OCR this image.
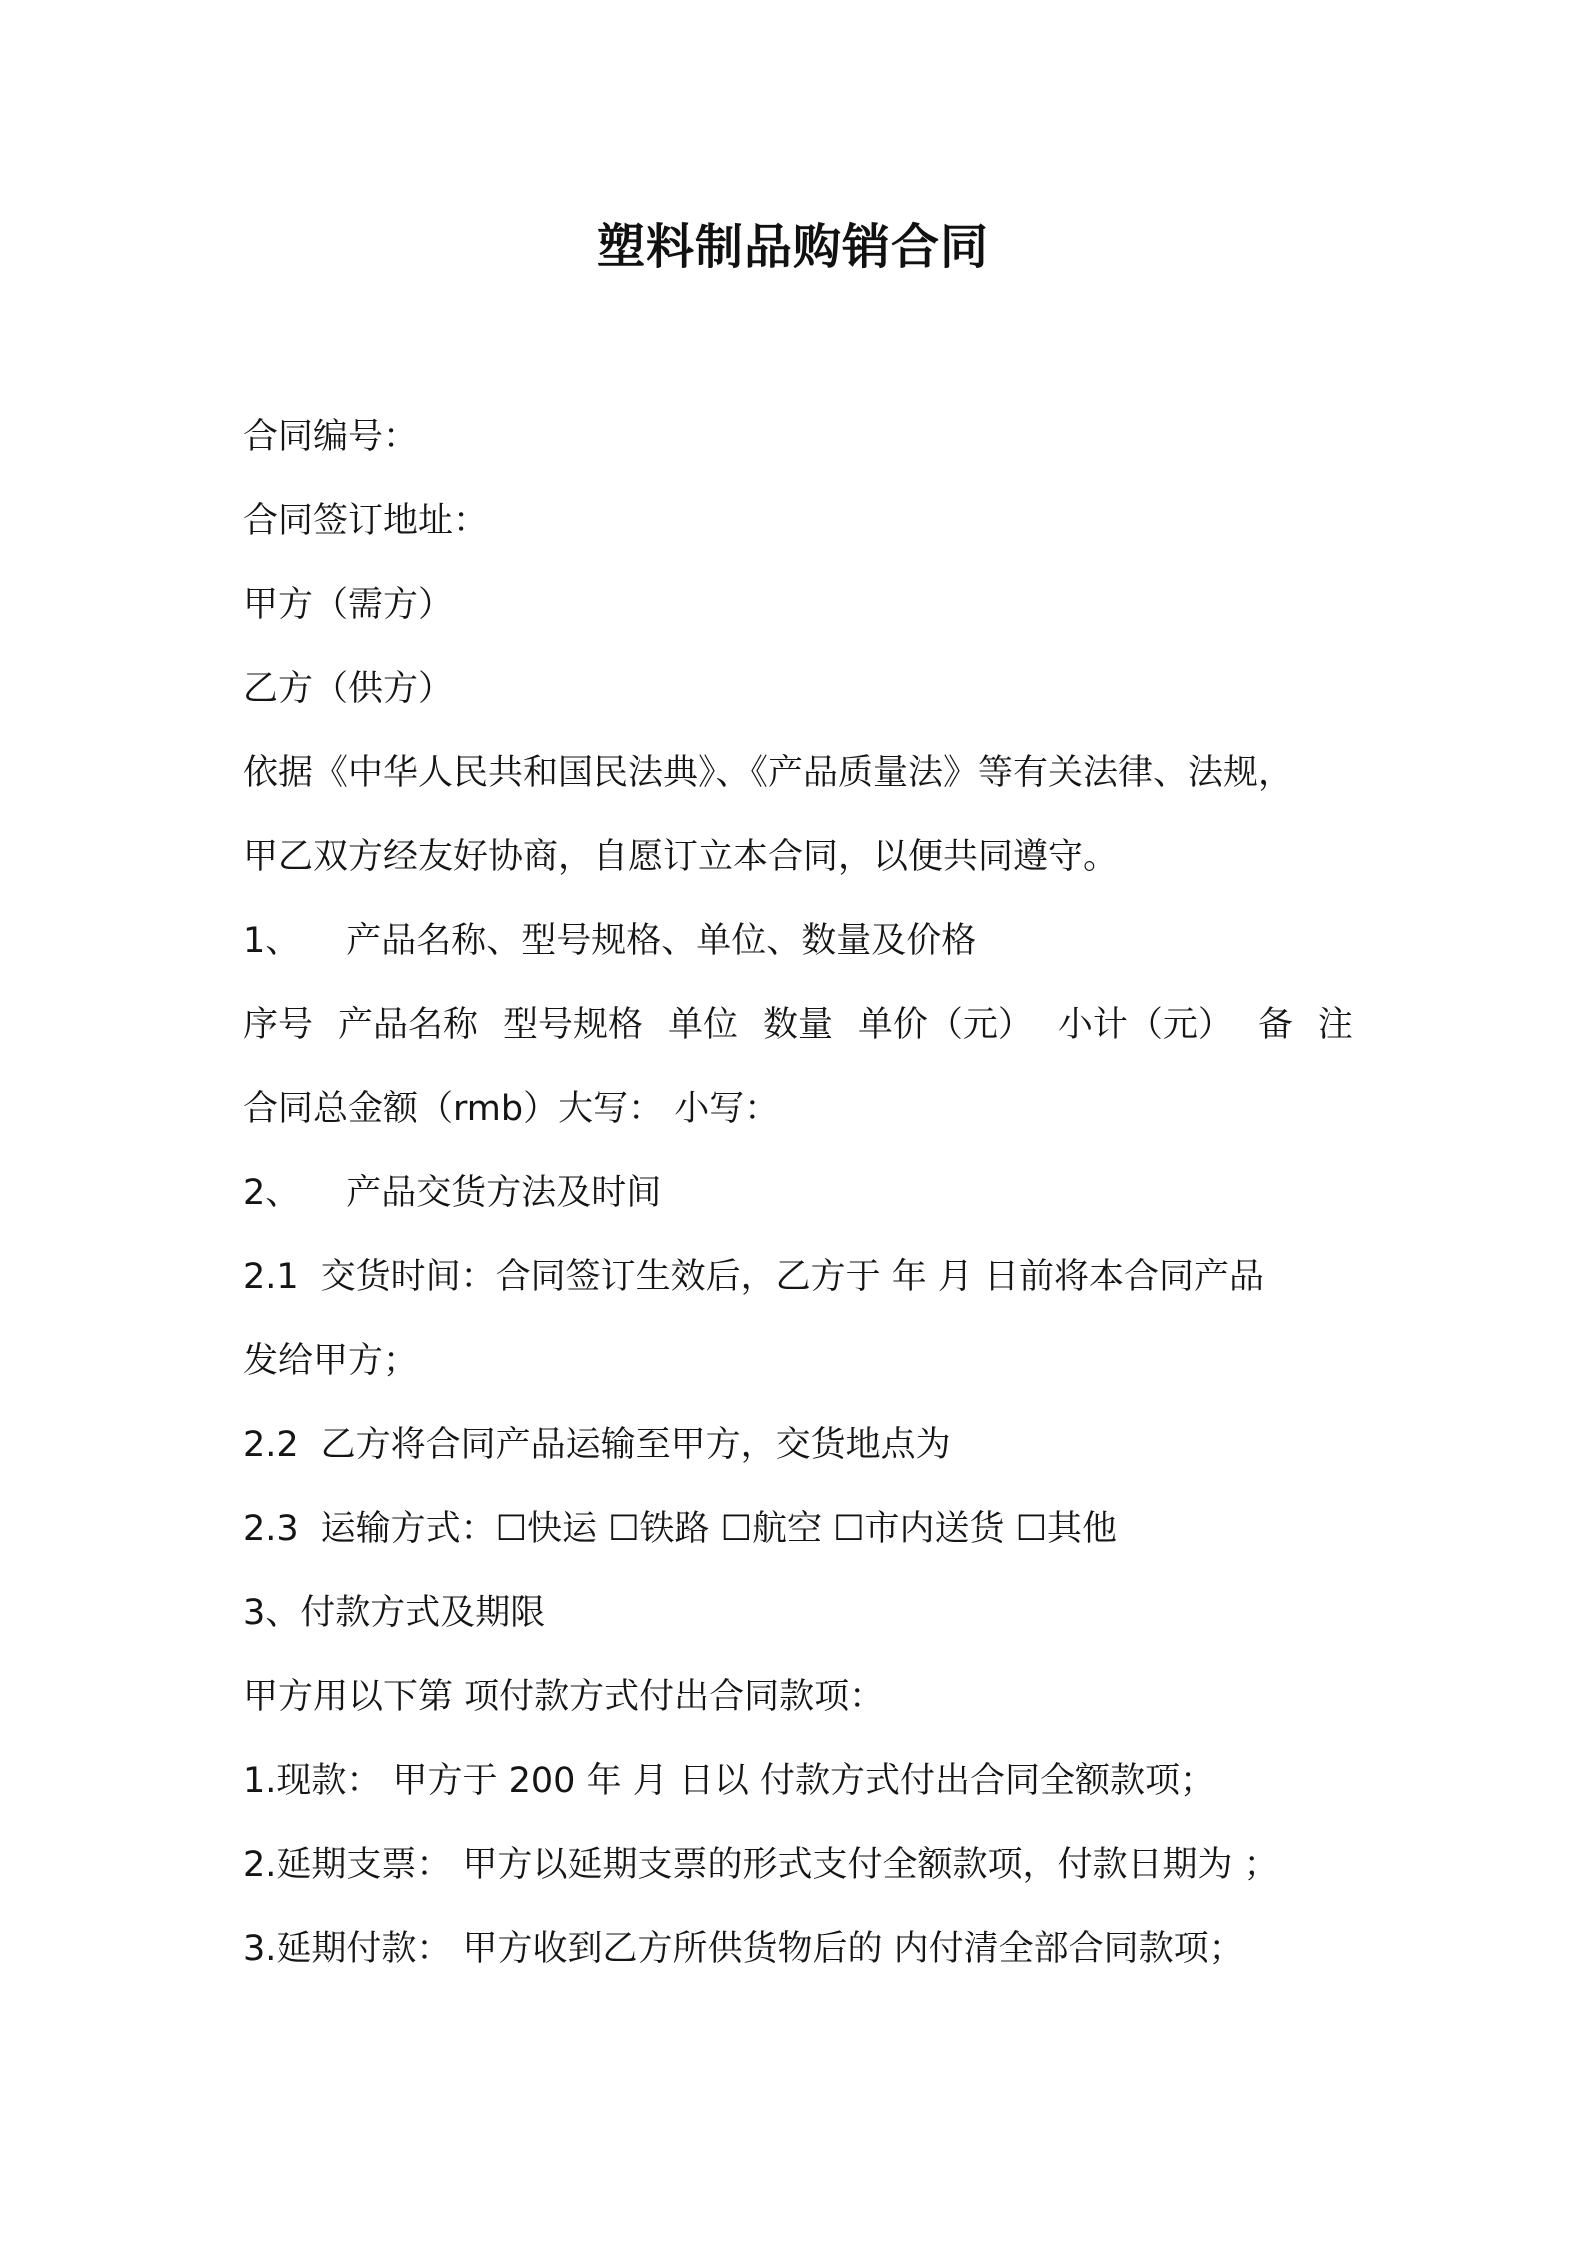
塑料制品购销合同
合同编号：
合同签订地址：
甲方（需方）
乙方（供方）
依据《中华人民共和国民法典》、《产品质量法》等有关法律、法规，
甲乙双方经友好协商，自愿订立本合同，以便共同遵守。
1、 产品名称、型号规格、单位、数量及价格
序号 产品名称 型号规格 单位 数量 单价（元） 小计（元） 备 注
合同总金额（rmb）大写： 小写：
2、 产品交货方法及时间
2.1 交货时间：合同签订生效后，乙方于 年 月 日前将本合同产品
发给甲方；
2.2 乙方将合同产品运输至甲方，交货地点为
2.3 运输方式：☐快运 ☐铁路 ☐航空 ☐市内送货 ☐其他
3、付款方式及期限
甲方用以下第 项付款方式付出合同款项：
1.现款： 甲方于 200 年 月 日以 付款方式付出合同全额款项；
2.延期支票： 甲方以延期支票的形式支付全额款项，付款日期为 ；
3.延期付款： 甲方收到乙方所供货物后的 内付清全部合同款项；
